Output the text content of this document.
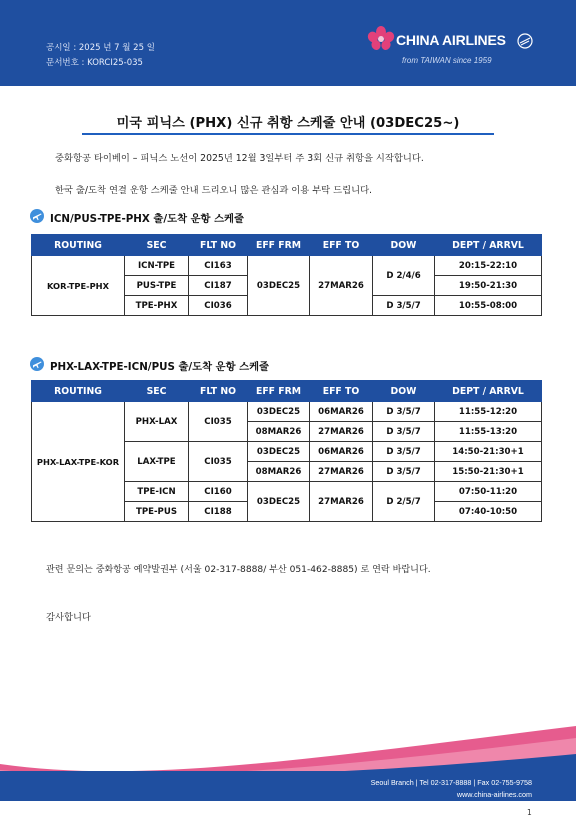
공시일 : 2025 년 7 월 25 일
문서번호 : KORCI25-035
CHINA AIRLINES
from TAIWAN since 1959
미국 피닉스 (PHX) 신규 취항 스케줄 안내 (03DEC25~)
중화항공 타이베이 – 피닉스 노선이 2025년 12월 3일부터 주 3회 신규 취항을 시작합니다.
한국 출/도착 연결 운항 스케줄 안내 드리오니 많은 관심과 이용 부탁 드립니다.
ICN/PUS-TPE-PHX 출/도착 운항 스케줄
ROUTING	SEC	FLT NO	EFF FRM	EFF TO	DOW	DEPT / ARRVL
KOR-TPE-PHX	ICN-TPE	CI163	03DEC25	27MAR26	D 2/4/6	20:15-22:10
	PUS-TPE	CI187				19:50-21:30
	TPE-PHX	CI036			D 3/5/7	10:55-08:00
PHX-LAX-TPE-ICN/PUS 출/도착 운항 스케줄
ROUTING	SEC	FLT NO	EFF FRM	EFF TO	DOW	DEPT / ARRVL
PHX-LAX-TPE-KOR	PHX-LAX	CI035	03DEC25	06MAR26	D 3/5/7	11:55-12:20
			08MAR26	27MAR26	D 3/5/7	11:55-13:20
	LAX-TPE	CI035	03DEC25	06MAR26	D 3/5/7	14:50-21:30+1
			08MAR26	27MAR26	D 3/5/7	15:50-21:30+1
	TPE-ICN	CI160	03DEC25	27MAR26	D 2/5/7	07:50-11:20
	TPE-PUS	CI188				07:40-10:50
관련 문의는 중화항공 예약발권부 (서울 02-317-8888/ 부산 051-462-8885) 로 연락 바랍니다.
감사합니다
Seoul Branch | Tel 02-317-8888 | Fax 02-755-9758
www.china-airlines.com
1
